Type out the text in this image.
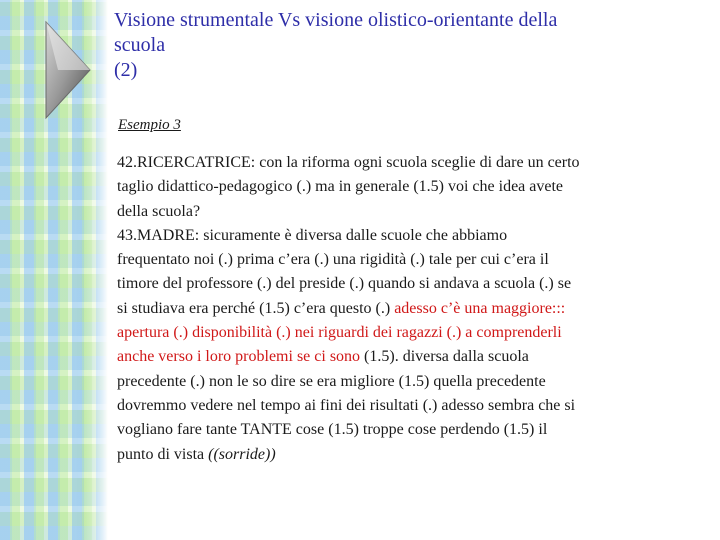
Visione strumentale Vs visione olistico-orientante della
scuola
(2)
Esempio 3
42.RICERCATRICE: con la riforma ogni scuola sceglie di dare un certo
taglio didattico-pedagogico (.) ma in generale (1.5) voi che idea avete
della scuola?
43.MADRE: sicuramente è diversa dalle scuole che abbiamo
frequentato noi (.) prima c’era (.) una rigidità (.) tale per cui c’era il
timore del professore (.) del preside (.) quando si andava a scuola (.) se
si studiava era perché (1.5) c’era questo (.) adesso c’è una maggiore:::
apertura (.) disponibilità (.) nei riguardi dei ragazzi (.) a comprenderli
anche verso i loro problemi se ci sono (1.5). diversa dalla scuola
precedente (.) non le so dire se era migliore (1.5) quella precedente
dovremmo vedere nel tempo ai fini dei risultati (.) adesso sembra che si
vogliano fare tante TANTE cose (1.5) troppe cose perdendo (1.5) il
punto di vista ((sorride))
